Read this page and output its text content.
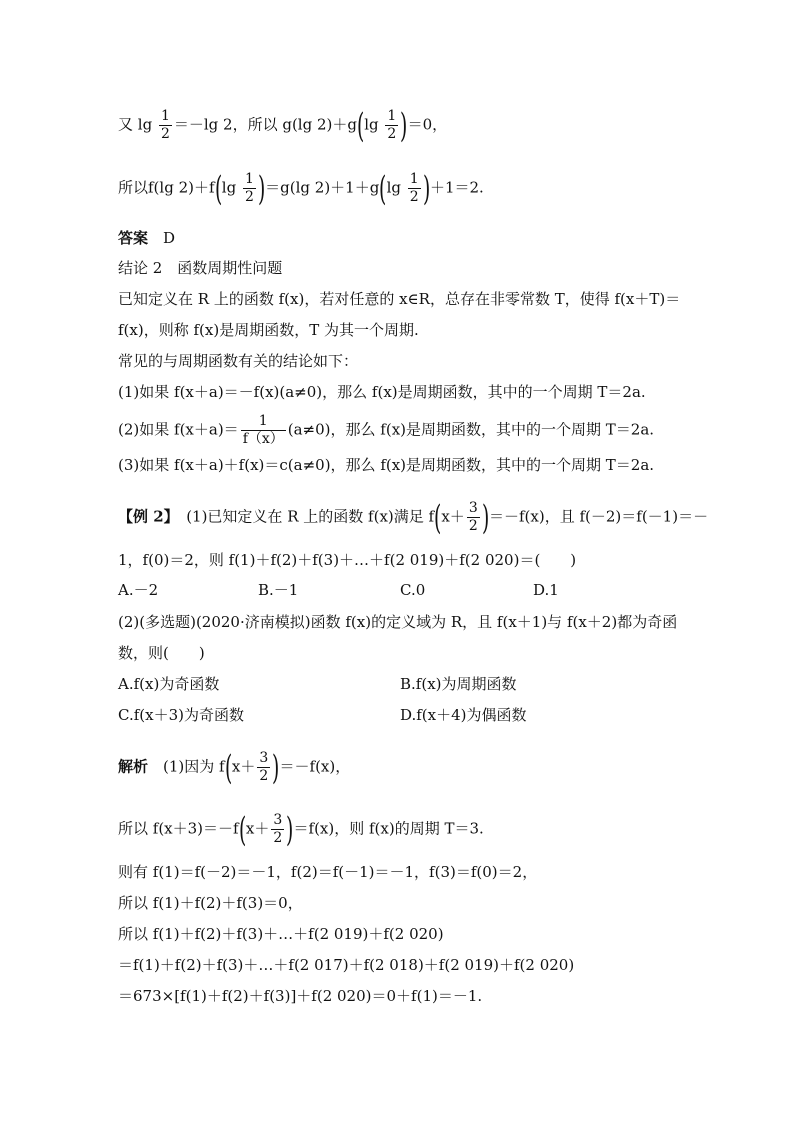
又 $\lg \frac{1}{2} =-\lg$ 2，所以 g(lg $2)+g(\lg \frac{1}{2} )=0$，
所以f(lg $2)+f(\lg \frac{1}{2} )=g(\lg$ $2)+1+g(\lg \frac{1}{2} )+1=2$.
答案　 D
结论 2　函数周期性问题
已知定义在 R 上的函数 f(x)，若对任意的 x∈R，总存在非零常数 T，使得 f(x＋T)＝
f(x)，则称 f(x)是周期函数，T 为其一个周期.
常见的与周期函数有关的结论如下：
(1)如果 f(x＋a)＝－f(x)(a≠0)，那么 f(x)是周期函数，其中的一个周期 T＝2a.
(2)如果 $f(x+a)= \frac{1}{f(x)} (a\ne 0)$，那么 f(x)是周期函数，其中的一个周期 T＝2a.
(3)如果 f(x＋a)＋f(x)＝c(a≠0)，那么 f(x)是周期函数，其中的一个周期 T＝2a.
【例 2】　 (1)已知定义在 R 上的函数 f(x)满足 $f(x+ \frac{3}{2} )=-f(x)$，且 f(－2)＝f(－1)＝－
1，f(0)＝2，则 f(1)＋f(2)＋f(3)＋…＋f(2 019)＋f(2 020)＝(　　)
A.－2	B.－1	C.0	D.1
(2)(多选题)(2020·济南模拟)函数 f(x)的定义域为 R，且 f(x＋1)与 f(x＋2)都为奇函
数，则(　　)
A.f(x)为奇函数	B.f(x)为周期函数
C.f(x＋3)为奇函数	D.f(x＋4)为偶函数
解析　 (1)因为 $f(x+ \frac{3}{2} )=-f(x)$，
所以 $f(x+3)=-f(x+ \frac{3}{2} )=f(x)$，则 f(x)的周期 T＝3.
则有 f(1)＝f(－2)＝－1，f(2)＝f(－1)＝－1，f(3)＝f(0)＝2，
所以 f(1)＋f(2)＋f(3)＝0，
所以 f(1)＋f(2)＋f(3)＋…＋f(2 019)＋f(2 020)
＝f(1)＋f(2)＋f(3)＋…＋f(2 017)＋f(2 018)＋f(2 019)＋f(2 020)
＝673×[f(1)＋f(2)＋f(3)]＋f(2 020)＝0＋f(1)＝－1.
